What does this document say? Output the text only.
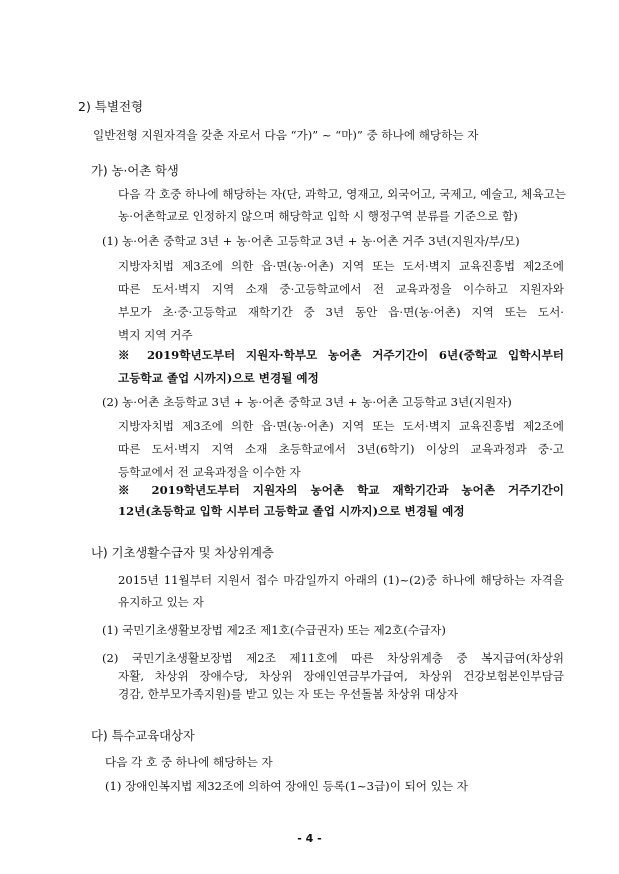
2) 특별전형
일반전형 지원자격을 갖춘 자로서 다음 “가)” ~ “마)” 중 하나에 해당하는 자
가) 농·어촌 학생
다음 각 호중 하나에 해당하는 자(단, 과학고, 영재고, 외국어고, 국제고, 예술고, 체육고는
농·어촌학교로 인정하지 않으며 해당학교 입학 시 행정구역 분류를 기준으로 함)
(1) 농·어촌 중학교 3년 + 농·어촌 고등학교 3년 + 농·어촌 거주 3년(지원자/부/모)
지방자치법 제3조에 의한 읍·면(농·어촌) 지역 또는 도서·벽지 교육진흥법 제2조에
따른 도서·벽지 지역 소재 중·고등학교에서 전 교육과정을 이수하고 지원자와
부모가 초·중·고등학교 재학기간 중 3년 동안 읍·면(농·어촌) 지역 또는 도서·
벽지 지역 거주
※ 2019학년도부터 지원자·학부모 농어촌 거주기간이 6년(중학교 입학시부터
고등학교 졸업 시까지)으로 변경될 예정
(2) 농·어촌 초등학교 3년 + 농·어촌 중학교 3년 + 농·어촌 고등학교 3년(지원자)
지방자치법 제3조에 의한 읍·면(농·어촌) 지역 또는 도서·벽지 교육진흥법 제2조에
따른 도서·벽지 지역 소재 초등학교에서 3년(6학기) 이상의 교육과정과 중·고
등학교에서 전 교육과정을 이수한 자
※ 2019학년도부터 지원자의 농어촌 학교 재학기간과 농어촌 거주기간이
12년(초등학교 입학 시부터 고등학교 졸업 시까지)으로 변경될 예정
나) 기초생활수급자 및 차상위계층
2015년 11월부터 지원서 접수 마감일까지 아래의 (1)~(2)중 하나에 해당하는 자격을
유지하고 있는 자
(1) 국민기초생활보장법 제2조 제1호(수급권자) 또는 제2호(수급자)
(2) 국민기초생활보장법 제2조 제11호에 따른 차상위계층 중 복지급여(차상위
자활, 차상위 장애수당, 차상위 장애인연금부가급여, 차상위 건강보험본인부담금
경감, 한부모가족지원)를 받고 있는 자 또는 우선돌봄 차상위 대상자
다) 특수교육대상자
다음 각 호 중 하나에 해당하는 자
(1) 장애인복지법 제32조에 의하여 장애인 등록(1~3급)이 되어 있는 자
- 4 -
